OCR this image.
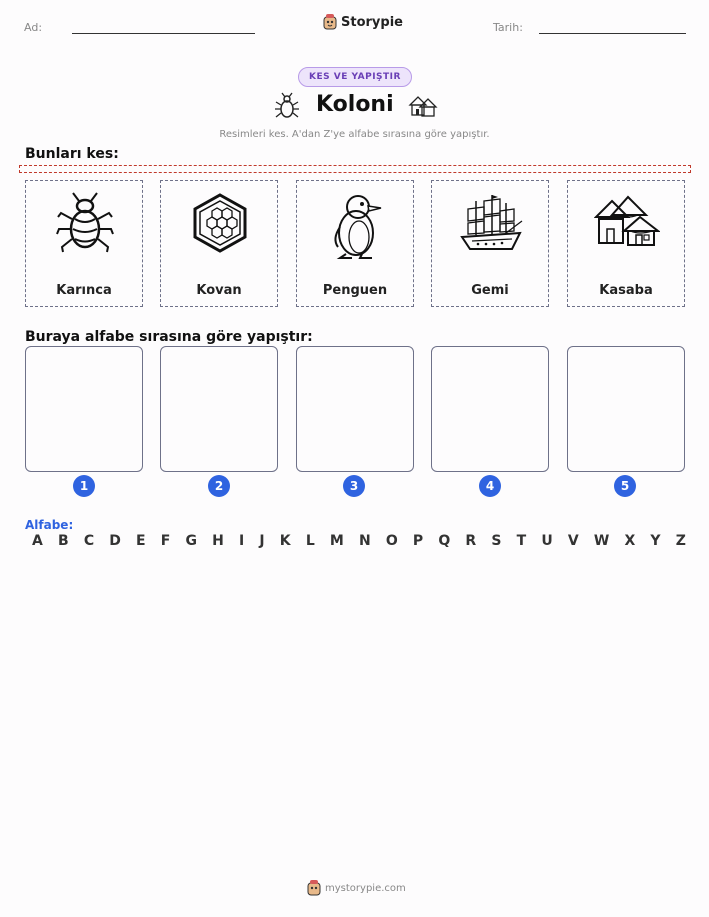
Ad:	Storypie	Tarih:
KES VE YAPIŞTIR
Koloni
Resimleri kes. A'dan Z'ye alfabe sırasına göre yapıştır.
Bunları kes:
Karınca	Kovan	Penguen	Gemi	Kasaba
Buraya alfabe sırasına göre yapıştır:
1	2	3	4	5
Alfabe:
A B C D E F G H I J K L M N O P Q R S T U V W X Y Z
mystorypie.com
